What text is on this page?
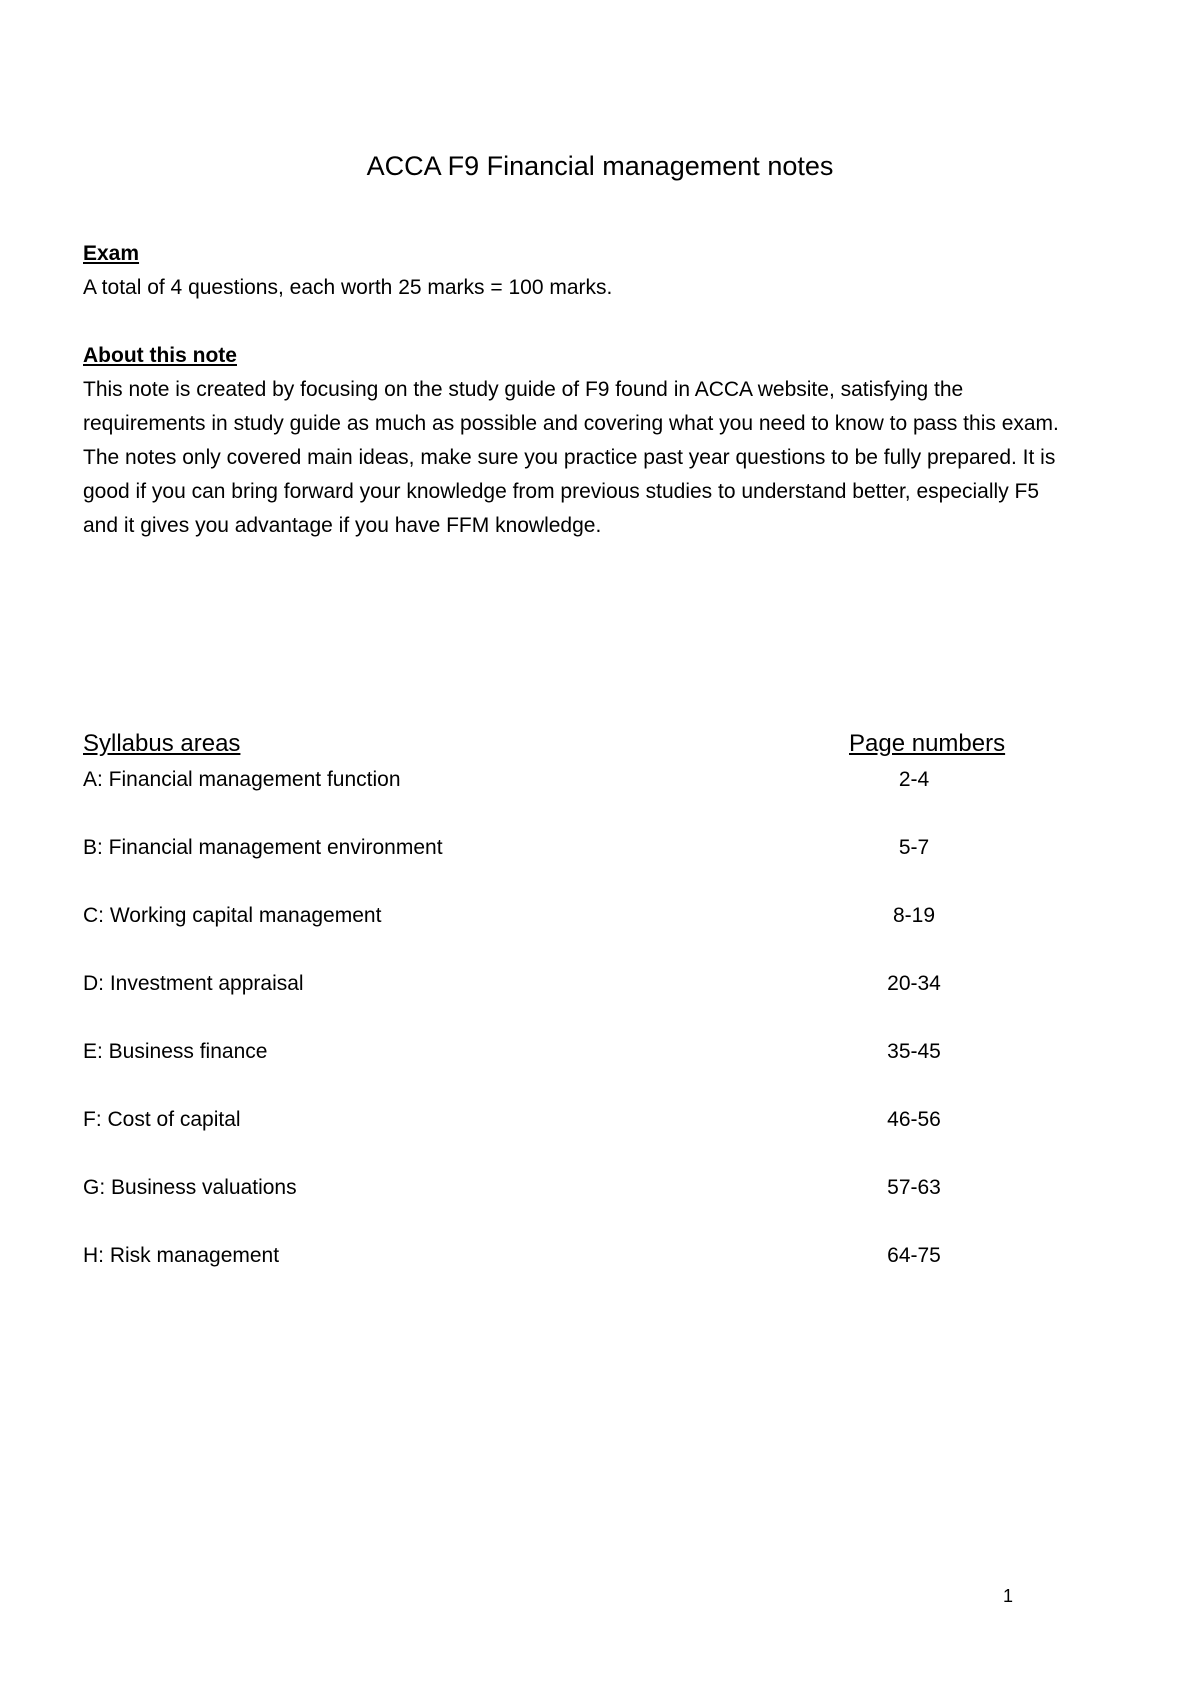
ACCA F9 Financial management notes
Exam
A total of 4 questions, each worth 25 marks = 100 marks.
About this note
This note is created by focusing on the study guide of F9 found in ACCA website, satisfying the requirements in study guide as much as possible and covering what you need to know to pass this exam. The notes only covered main ideas, make sure you practice past year questions to be fully prepared. It is good if you can bring forward your knowledge from previous studies to understand better, especially F5 and it gives you advantage if you have FFM knowledge.
Syllabus areas	Page numbers
A: Financial management function	2-4
B: Financial management environment	5-7
C: Working capital management	8-19
D: Investment appraisal	20-34
E: Business finance	35-45
F: Cost of capital	46-56
G: Business valuations	57-63
H: Risk management	64-75
1
